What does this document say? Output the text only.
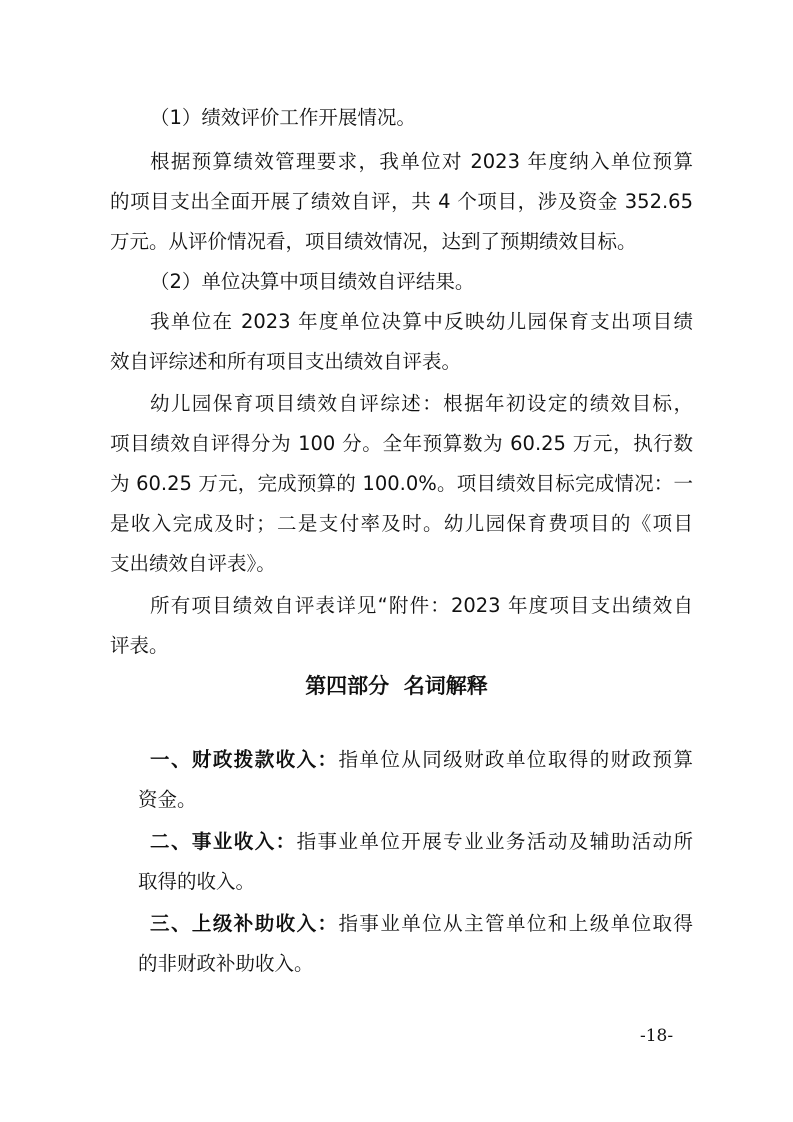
（1）绩效评价工作开展情况。
根据预算绩效管理要求，我单位对 2023 年度纳入单位预算
的项目支出全面开展了绩效自评，共 4 个项目，涉及资金 352.65
万元。从评价情况看，项目绩效情况，达到了预期绩效目标。
（2）单位决算中项目绩效自评结果。
我单位在 2023 年度单位决算中反映幼儿园保育支出项目绩
效自评综述和所有项目支出绩效自评表。
幼儿园保育项目绩效自评综述：根据年初设定的绩效目标，
项目绩效自评得分为 100 分。全年预算数为 60.25 万元，执行数
为 60.25 万元，完成预算的 100.0%。项目绩效目标完成情况：一
是收入完成及时；二是支付率及时。幼儿园保育费项目的《项目
支出绩效自评表》。
所有项目绩效自评表详见“附件：2023 年度项目支出绩效自
评表。
第四部分  名词解释
一、财政拨款收入：指单位从同级财政单位取得的财政预算
资金。
二、事业收入：指事业单位开展专业业务活动及辅助活动所
取得的收入。
三、上级补助收入：指事业单位从主管单位和上级单位取得
的非财政补助收入。
-18-
